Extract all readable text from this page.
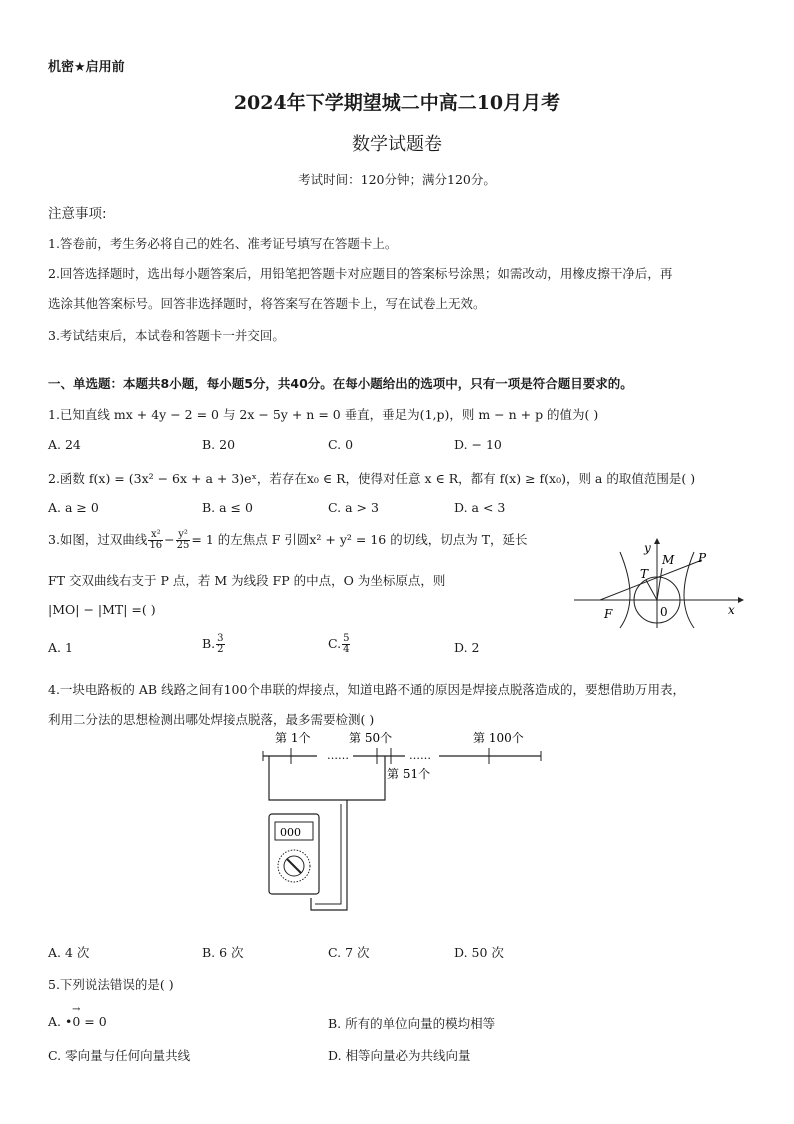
机密★启用前
2024年下学期望城二中高二10月月考
数学试题卷
考试时间：120分钟；满分120分。
注意事项:
1.答卷前，考生务必将自己的姓名、准考证号填写在答题卡上。
2.回答选择题时，选出每小题答案后，用铅笔把答题卡对应题目的答案标号涂黑；如需改动，用橡皮擦干净后，再
选涂其他答案标号。回答非选择题时，将答案写在答题卡上，写在试卷上无效。
3.考试结束后，本试卷和答题卡一并交回。
一、单选题：本题共8小题，每小题5分，共40分。在每小题给出的选项中，只有一项是符合题目要求的。
1.已知直线 mx + 4y − 2 = 0 与 2x − 5y + n = 0 垂直，垂足为(1,p)，则 m − n + p 的值为( )
A. 24	B. 20	C. 0	D. − 10
2.函数 f(x) = (3x² − 6x + a + 3)eˣ，若存在x₀ ∈ R，使得对任意 x ∈ R，都有 f(x) ≥ f(x₀)，则 a 的取值范围是( )
A. a ≥ 0	B. a ≤ 0	C. a > 3	D. a < 3
3.如图，过双曲线 $\frac{\text{x²}}{16} - \frac{\text{y²}}{25} = 1$ 的左焦点 F 引圆x² + y² = 16 的切线，切点为 T，延长
FT 交双曲线右支于 P 点，若 M 为线段 FP 的中点，O 为坐标原点，则
|MO| − |MT| =( )
A. 1	B. $\frac{3}{2}$	C. $\frac{5}{4}$	D. 2
y
M P
T
F	0	x
4.一块电路板的 AB 线路之间有100个串联的焊接点，知道电路不通的原因是焊接点脱落造成的，要想借助万用表，
利用二分法的思想检测出哪处焊接点脱落，最多需要检测( )
第 1个	第 50个	第 100个
……	……
第 51个
000
A. 4 次	B. 6 次	C. 7 次	D. 50 次
5.下列说法错误的是( )
A. •0 = 0
→
B. 所有的单位向量的模均相等
C. 零向量与任何向量共线	D. 相等向量必为共线向量
